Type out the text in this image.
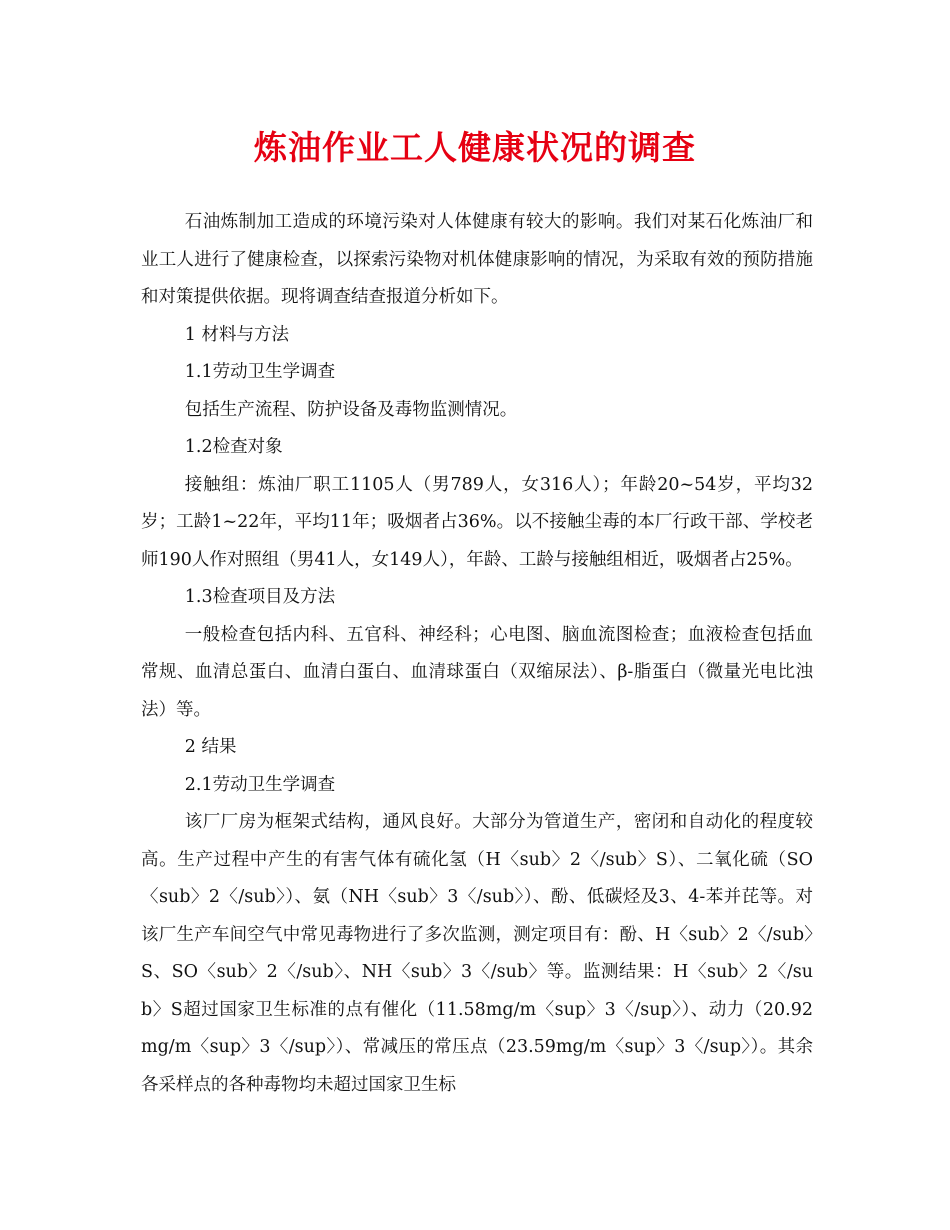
炼油作业工人健康状况的调查

石油炼制加工造成的环境污染对人体健康有较大的影响。我们对某石化炼油厂和业工人进行了健康检查，以探索污染物对机体健康影响的情况，为采取有效的预防措施和对策提供依据。现将调查结查报道分析如下。

1 材料与方法

1.1劳动卫生学调查

包括生产流程、防护设备及毒物监测情况。

1.2检查对象

接触组：炼油厂职工1105人（男789人，女316人）；年龄20~54岁，平均32岁；工龄1~22年，平均11年；吸烟者占36%。以不接触尘毒的本厂行政干部、学校老师190人作对照组（男41人，女149人），年龄、工龄与接触组相近，吸烟者占25%。

1.3检查项目及方法

一般检查包括内科、五官科、神经科；心电图、脑血流图检查；血液检查包括血常规、血清总蛋白、血清白蛋白、血清球蛋白（双缩尿法）、β-脂蛋白（微量光电比浊法）等。

2 结果

2.1劳动卫生学调查

该厂厂房为框架式结构，通风良好。大部分为管道生产，密闭和自动化的程度较高。生产过程中产生的有害气体有硫化氢（H〈sub〉2〈/sub〉S）、二氧化硫（SO〈sub〉2〈/sub〉）、氨（NH〈sub〉3〈/sub〉）、酚、低碳烃及3、4-苯并芘等。对该厂生产车间空气中常见毒物进行了多次监测，测定项目有：酚、H〈sub〉2〈/sub〉S、SO〈sub〉2〈/sub〉、NH〈sub〉3〈/sub〉等。监测结果：H〈sub〉2〈/sub〉S超过国家卫生标准的点有催化（11.58mg/m〈sup〉3〈/sup〉）、动力（20.92mg/m〈sup〉3〈/sup〉）、常减压的常压点（23.59mg/m〈sup〉3〈/sup〉）。其余各采样点的各种毒物均未超过国家卫生标
